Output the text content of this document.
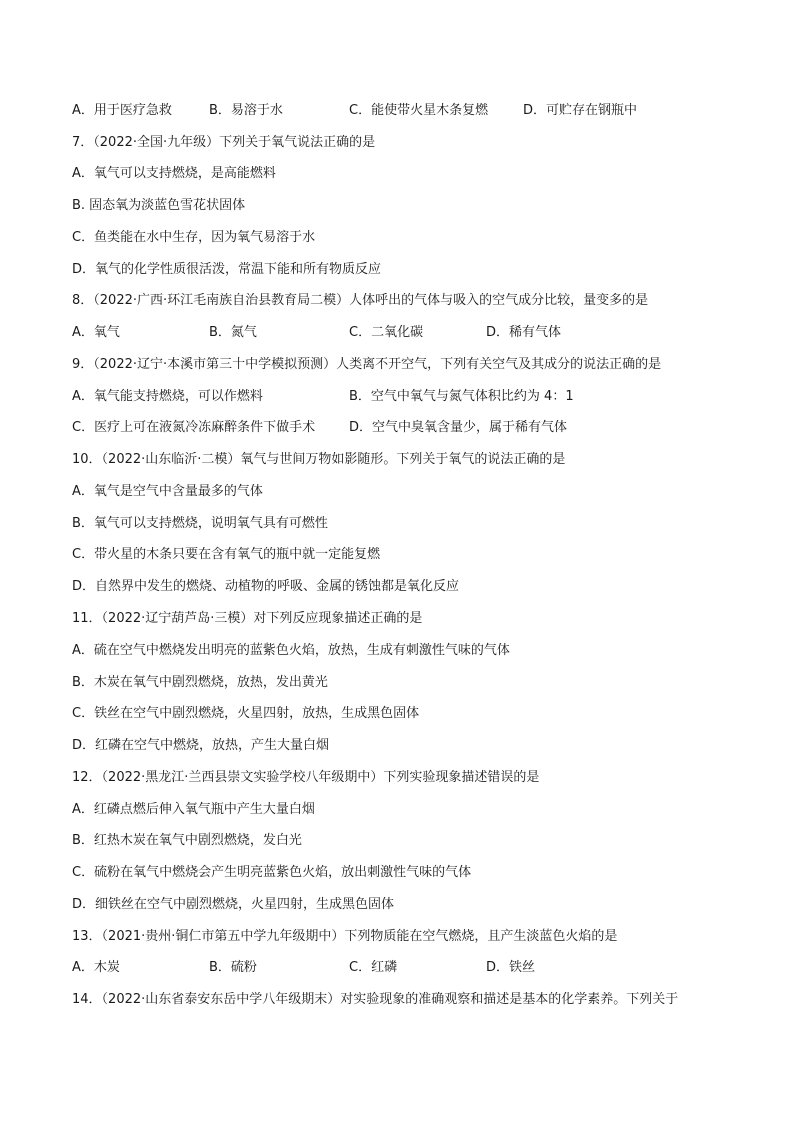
A．用于医疗急救	B．易溶于水	C．能使带火星木条复燃	D．可贮存在钢瓶中
7．（2022·全国·九年级）下列关于氧气说法正确的是
A．氧气可以支持燃烧，是高能燃料
B. 固态氧为淡蓝色雪花状固体
C．鱼类能在水中生存，因为氧气易溶于水
D．氧气的化学性质很活泼，常温下能和所有物质反应
8．（2022·广西·环江毛南族自治县教育局二模）人体呼出的气体与吸入的空气成分比较，量变多的是
A．氧气	B．氮气	C．二氧化碳	D．稀有气体
9．（2022·辽宁·本溪市第三十中学模拟预测）人类离不开空气，下列有关空气及其成分的说法正确的是
A．氧气能支持燃烧，可以作燃料	B．空气中氧气与氮气体积比约为 4：1
C．医疗上可在液氮冷冻麻醉条件下做手术	D．空气中臭氧含量少，属于稀有气体
10．（2022·山东临沂·二模）氧气与世间万物如影随形。下列关于氧气的说法正确的是
A．氧气是空气中含量最多的气体
B．氧气可以支持燃烧，说明氧气具有可燃性
C．带火星的木条只要在含有氧气的瓶中就一定能复燃
D．自然界中发生的燃烧、动植物的呼吸、金属的锈蚀都是氧化反应
11．（2022·辽宁葫芦岛·三模）对下列反应现象描述正确的是
A．硫在空气中燃烧发出明亮的蓝紫色火焰，放热，生成有刺激性气味的气体
B．木炭在氧气中剧烈燃烧，放热，发出黄光
C．铁丝在空气中剧烈燃烧，火星四射，放热，生成黑色固体
D．红磷在空气中燃烧，放热，产生大量白烟
12．（2022·黑龙江·兰西县崇文实验学校八年级期中）下列实验现象描述错误的是
A．红磷点燃后伸入氧气瓶中产生大量白烟
B．红热木炭在氧气中剧烈燃烧，发白光
C．硫粉在氧气中燃烧会产生明亮蓝紫色火焰，放出刺激性气味的气体
D．细铁丝在空气中剧烈燃烧，火星四射，生成黑色固体
13．（2021·贵州·铜仁市第五中学九年级期中）下列物质能在空气燃烧，且产生淡蓝色火焰的是
A．木炭	B．硫粉	C．红磷	D．铁丝
14．（2022·山东省泰安东岳中学八年级期末）对实验现象的准确观察和描述是基本的化学素养。下列关于
